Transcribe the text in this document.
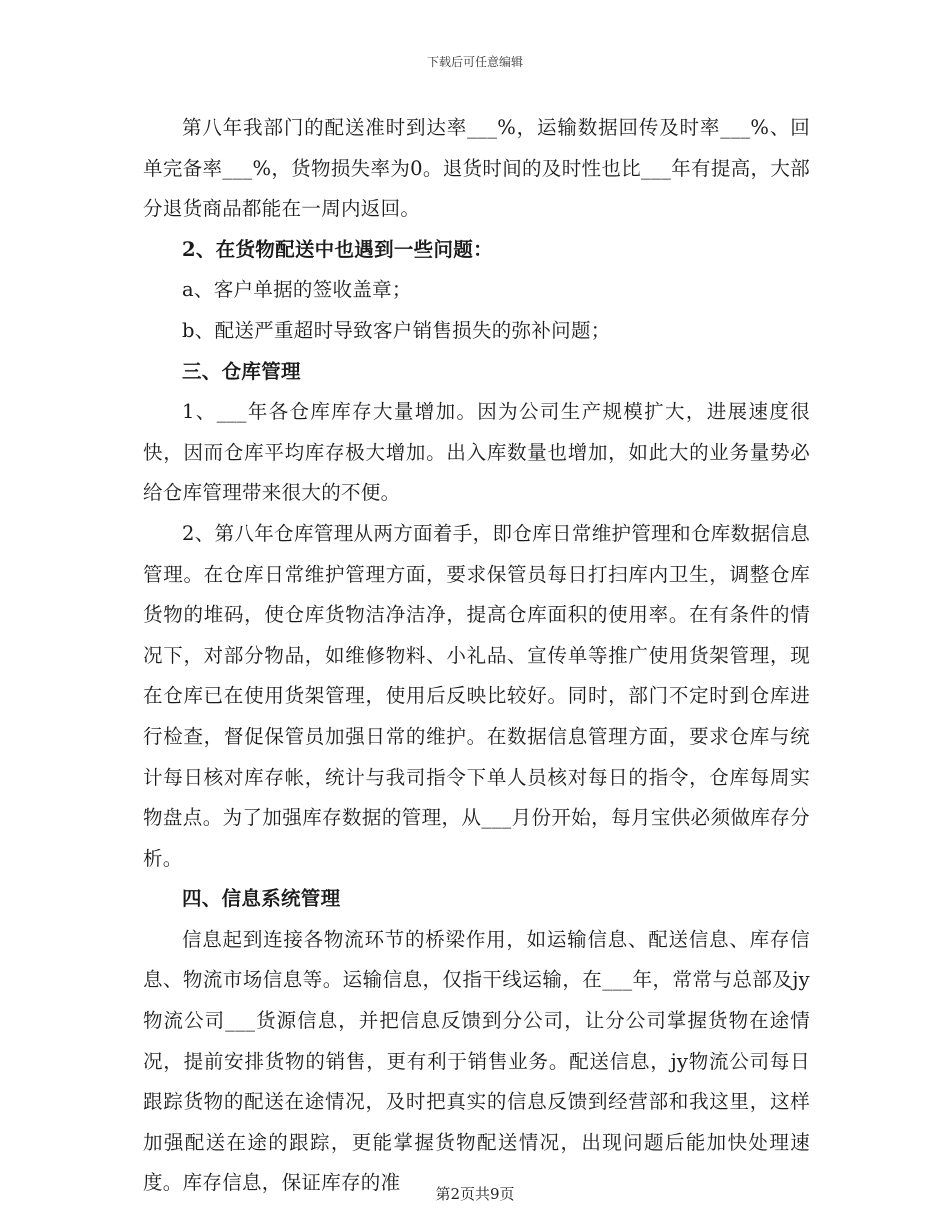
下载后可任意编辑

第八年我部门的配送准时到达率___%，运输数据回传及时率___%、回单完备率___%，货物损失率为0。退货时间的及时性也比___年有提高，大部分退货商品都能在一周内返回。

2、在货物配送中也遇到一些问题：

a、客户单据的签收盖章；

b、配送严重超时导致客户销售损失的弥补问题；

三、仓库管理

1、___年各仓库库存大量增加。因为公司生产规模扩大，进展速度很快，因而仓库平均库存极大增加。出入库数量也增加，如此大的业务量势必给仓库管理带来很大的不便。

2、第八年仓库管理从两方面着手，即仓库日常维护管理和仓库数据信息管理。在仓库日常维护管理方面，要求保管员每日打扫库内卫生，调整仓库货物的堆码，使仓库货物洁净洁净，提高仓库面积的使用率。在有条件的情况下，对部分物品，如维修物料、小礼品、宣传单等推广使用货架管理，现在仓库已在使用货架管理，使用后反映比较好。同时，部门不定时到仓库进行检查，督促保管员加强日常的维护。在数据信息管理方面，要求仓库与统计每日核对库存帐，统计与我司指令下单人员核对每日的指令，仓库每周实物盘点。为了加强库存数据的管理，从___月份开始，每月宝供必须做库存分析。

四、信息系统管理

信息起到连接各物流环节的桥梁作用，如运输信息、配送信息、库存信息、物流市场信息等。运输信息，仅指干线运输，在___年，常常与总部及jy物流公司___货源信息，并把信息反馈到分公司，让分公司掌握货物在途情况，提前安排货物的销售，更有利于销售业务。配送信息，jy物流公司每日跟踪货物的配送在途情况，及时把真实的信息反馈到经营部和我这里，这样加强配送在途的跟踪，更能掌握货物配送情况，出现问题后能加快处理速度。库存信息，保证库存的准	第2页共9页
